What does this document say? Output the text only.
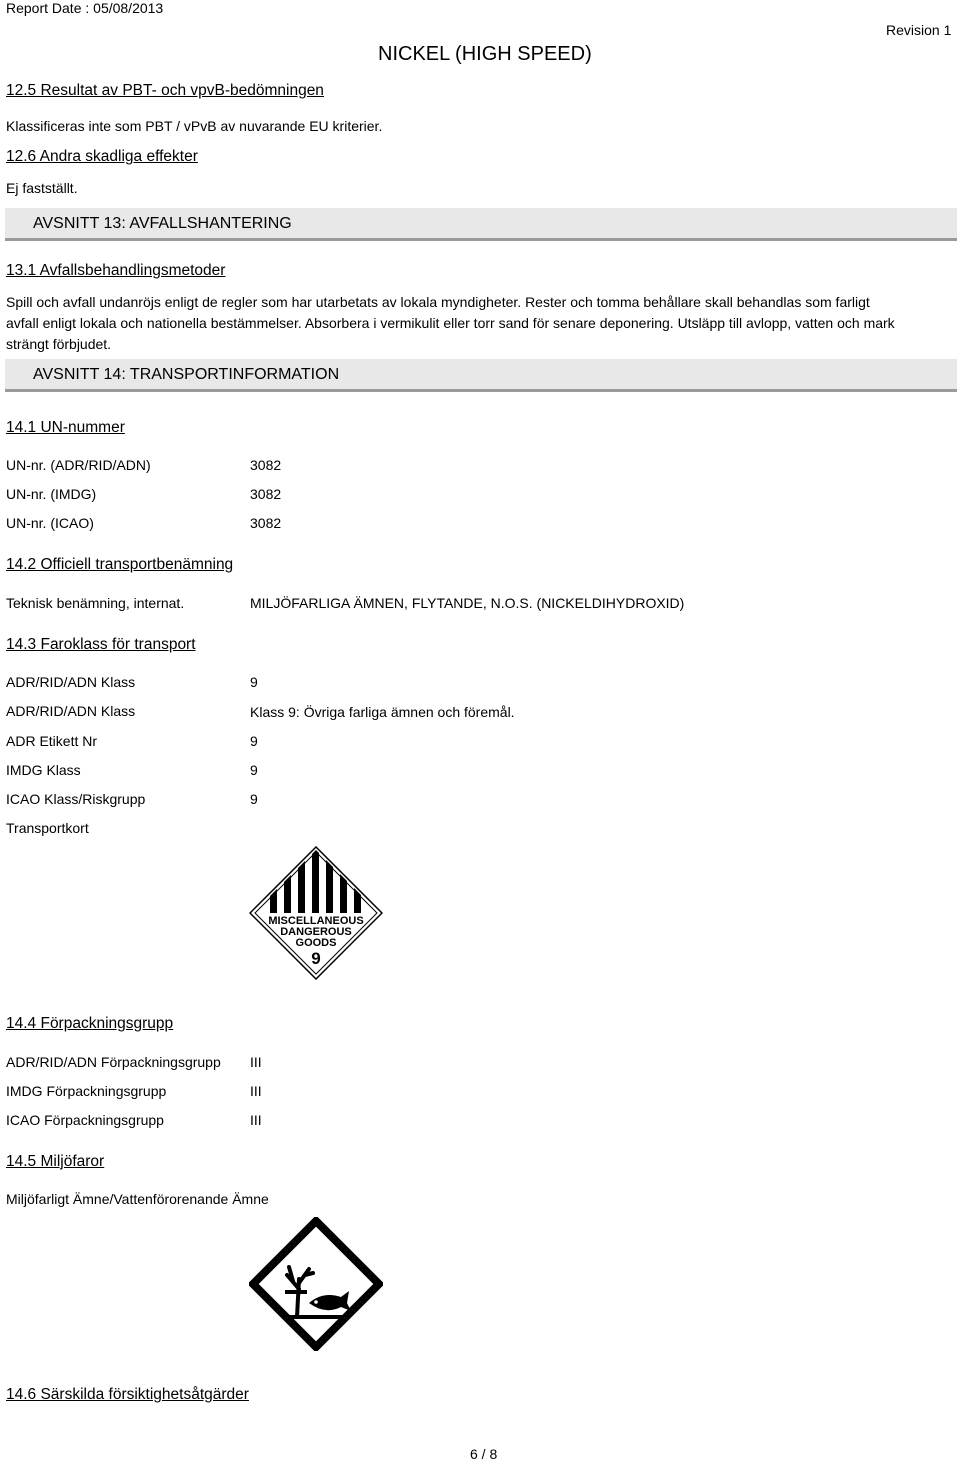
Report Date : 05/08/2013
Revision 1
NICKEL (HIGH SPEED)
12.5 Resultat av PBT- och vpvB-bedömningen
Klassificeras inte som PBT / vPvB av nuvarande EU kriterier.
12.6 Andra skadliga effekter
Ej fastställt.
AVSNITT 13: AVFALLSHANTERING
13.1 Avfallsbehandlingsmetoder
Spill och avfall undanröjs enligt de regler som har utarbetats av lokala myndigheter. Rester och tomma behållare skall behandlas som farligt avfall enligt lokala och nationella bestämmelser. Absorbera i vermikulit eller torr sand för senare deponering. Utsläpp till avlopp, vatten och mark strängt förbjudet.
AVSNITT 14: TRANSPORTINFORMATION
14.1 UN-nummer
UN-nr. (ADR/RID/ADN)	3082
UN-nr. (IMDG)	3082
UN-nr. (ICAO)	3082
14.2 Officiell transportbenämning
Teknisk benämning, internat.	MILJÖFARLIGA ÄMNEN, FLYTANDE, N.O.S. (NICKELDIHYDROXID)
14.3 Faroklass för transport
ADR/RID/ADN Klass	9
ADR/RID/ADN Klass	Klass 9: Övriga farliga ämnen och föremål.
ADR Etikett Nr	9
IMDG Klass	9
ICAO Klass/Riskgrupp	9
Transportkort
MISCELLANEOUS
DANGEROUS
GOODS
9
14.4 Förpackningsgrupp
ADR/RID/ADN Förpackningsgrupp III
IMDG Förpackningsgrupp	III
ICAO Förpackningsgrupp	III
14.5 Miljöfaror
Miljöfarligt Ämne/Vattenförorenande Ämne
14.6 Särskilda försiktighetsåtgärder
6 / 8
